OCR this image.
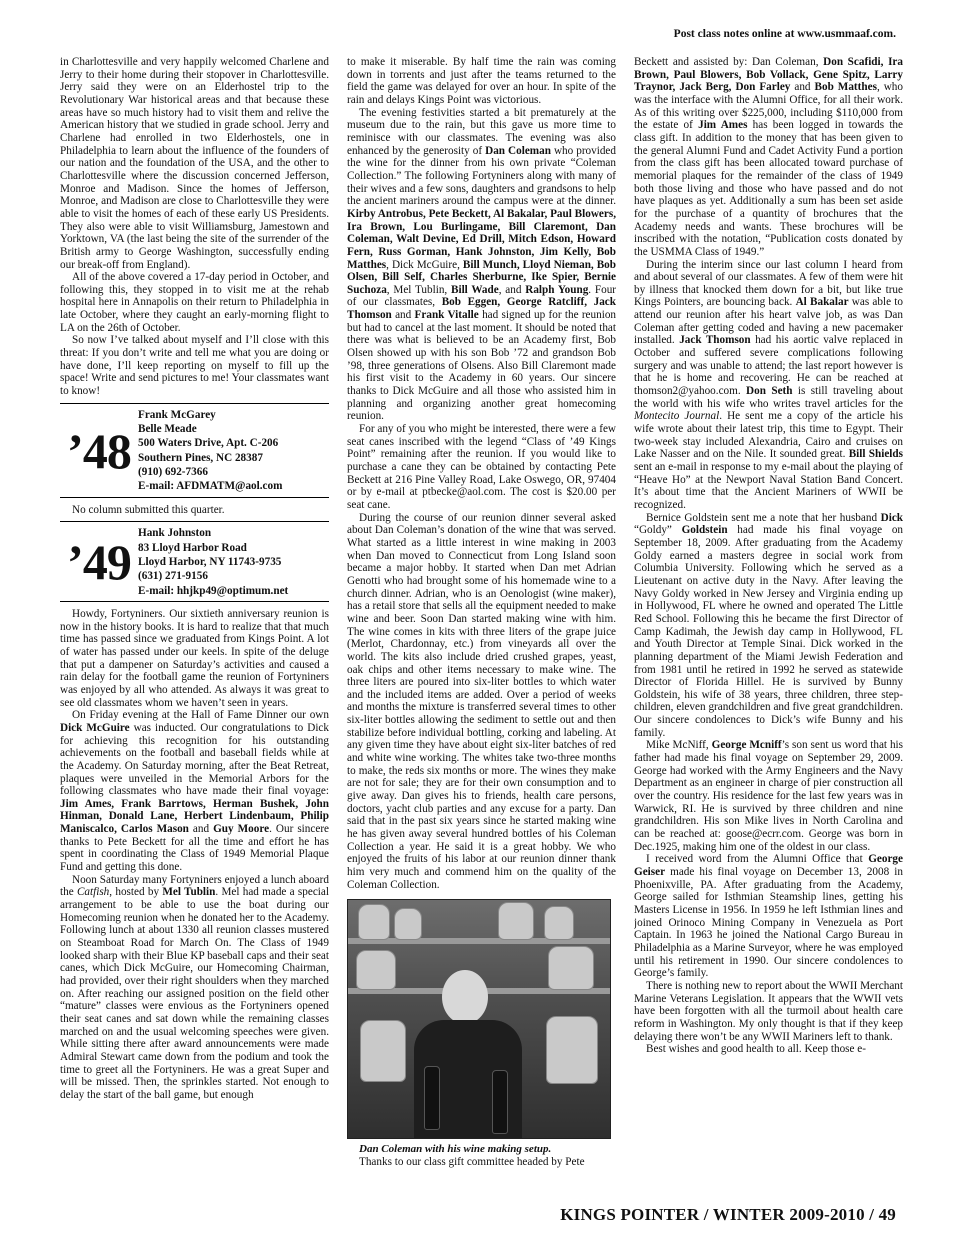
Post class notes online at www.usmmaaf.com.

in Charlottesville and very happily welcomed Charlene and Jerry to their home during their stopover in Charlottesville. Jerry said they were on an Elderhostel trip to the Revolutionary War historical areas and that because these areas have so much history had to visit them and relive the American history that we studied in grade school. Jerry and Charlene had enrolled in two Elderhostels, one in Philadelphia to learn about the influence of the founders of our nation and the foundation of the USA, and the other to Charlottesville where the discussion concerned Jefferson, Monroe and Madison. Since the homes of Jefferson, Monroe, and Madison are close to Charlottesville they were able to visit the homes of each of these early US Presidents. They also were able to visit Williamsburg, Jamestown and Yorktown, VA (the last being the site of the surrender of the British army to George Washington, successfully ending our break-off from England).

All of the above covered a 17-day period in October, and following this, they stopped in to visit me at the rehab hospital here in Annapolis on their return to Philadelphia in late October, where they caught an early-morning flight to LA on the 26th of October.

So now I’ve talked about myself and I’ll close with this threat: If you don’t write and tell me what you are doing or have done, I’ll keep reporting on myself to fill up the space! Write and send pictures to me! Your classmates want to know!

’48
Frank McGarey
Belle Meade
500 Waters Drive, Apt. C-206
Southern Pines, NC 28387
(910) 692-7366
E-mail: AFDMATM@aol.com

No column submitted this quarter.

’49
Hank Johnston
83 Lloyd Harbor Road
Lloyd Harbor, NY 11743-9735
(631) 271-9156
E-mail: hhjkp49@optimum.net

Howdy, Fortyniners. Our sixtieth anniversary reunion is now in the history books. It is hard to realize that that much time has passed since we graduated from Kings Point. A lot of water has passed under our keels. In spite of the deluge that put a dampener on Saturday’s activities and caused a rain delay for the football game the reunion of Fortyniners was enjoyed by all who attended. As always it was great to see old classmates whom we haven’t seen in years.

On Friday evening at the Hall of Fame Dinner our own Dick McGuire was inducted. Our congratulations to Dick for achieving this recognition for his outstanding achievements on the football and baseball fields while at the Academy. On Saturday morning, after the Beat Retreat, plaques were unveiled in the Memorial Arbors for the following classmates who have made their final voyage: Jim Ames, Frank Barrtows, Herman Bushek, John Hinman, Donald Lane, Herbert Lindenbaum, Philip Maniscalco, Carlos Mason and Guy Moore. Our sincere thanks to Pete Beckett for all the time and effort he has spent in coordinating the Class of 1949 Memorial Plaque Fund and getting this done.

Noon Saturday many Fortyniners enjoyed a lunch aboard the Catfish, hosted by Mel Tublin. Mel had made a special arrangement to be able to use the boat during our Homecoming reunion when he donated her to the Academy. Following lunch at about 1330 all reunion classes mustered on Steamboat Road for March On. The Class of 1949 looked sharp with their Blue KP baseball caps and their seat canes, which Dick McGuire, our Homecoming Chairman, had provided, over their right shoulders when they marched on. After reaching our assigned position on the field other “mature” classes were envious as the Fortyniners opened their seat canes and sat down while the remaining classes marched on and the usual welcoming speeches were given. While sitting there after award announcements were made Admiral Stewart came down from the podium and took the time to greet all the Fortyniners. He was a great Super and will be missed. Then, the sprinkles started. Not enough to delay the start of the ball game, but enough

to make it miserable. By half time the rain was coming down in torrents and just after the teams returned to the field the game was delayed for over an hour. In spite of the rain and delays Kings Point was victorious.

The evening festivities started a bit prematurely at the museum due to the rain, but this gave us more time to reminisce with our classmates. The evening was also enhanced by the generosity of Dan Coleman who provided the wine for the dinner from his own private “Coleman Collection.” The following Fortyniners along with many of their wives and a few sons, daughters and grandsons to help the ancient mariners around the campus were at the dinner. Kirby Antrobus, Pete Beckett, Al Bakalar, Paul Blowers, Ira Brown, Lou Burlingame, Bill Claremont, Dan Coleman, Walt Devine, Ed Drill, Mitch Edson, Howard Fern, Russ Gorman, Hank Johnston, Jim Kelly, Bob Matthes, Dick McGuire, Bill Munch, Lloyd Nieman, Bob Olsen, Bill Self, Charles Sherburne, Ike Spier, Bernie Suchoza, Mel Tublin, Bill Wade, and Ralph Young. Four of our classmates, Bob Eggen, George Ratcliff, Jack Thomson and Frank Vitalle had signed up for the reunion but had to cancel at the last moment. It should be noted that there was what is believed to be an Academy first, Bob Olsen showed up with his son Bob ’72 and grandson Bob ’98, three generations of Olsens. Also Bill Claremont made his first visit to the Academy in 60 years. Our sincere thanks to Dick McGuire and all those who assisted him in planning and organizing another great homecoming reunion.

For any of you who might be interested, there were a few seat canes inscribed with the legend “Class of ’49 Kings Point” remaining after the reunion. If you would like to purchase a cane they can be obtained by contacting Pete Beckett at 216 Pine Valley Road, Lake Oswego, OR, 97404 or by e-mail at ptbecke@aol.com. The cost is $20.00 per seat cane.

During the course of our reunion dinner several asked about Dan Coleman’s donation of the wine that was served. What started as a little interest in wine making in 2003 when Dan moved to Connecticut from Long Island soon became a major hobby. It started when Dan met Adrian Genotti who had brought some of his homemade wine to a church dinner. Adrian, who is an Oenologist (wine maker), has a retail store that sells all the equipment needed to make wine and beer. Soon Dan started making wine with him. The wine comes in kits with three liters of the grape juice (Merlot, Chardonnay, etc.) from vineyards all over the world. The kits also include dried crushed grapes, yeast, oak chips and other items necessary to make wine. The three liters are poured into six-liter bottles to which water and the included items are added. Over a period of weeks and months the mixture is transferred several times to other six-liter bottles allowing the sediment to settle out and then stabilize before individual bottling, corking and labeling. At any given time they have about eight six-liter batches of red and white wine working. The whites take two-three months to make, the reds six months or more. The wines they make are not for sale; they are for their own consumption and to give away. Dan gives his to friends, health care persons, doctors, yacht club parties and any excuse for a party. Dan said that in the past six years since he started making wine he has given away several hundred bottles of his Coleman Collection a year. He said it is a great hobby. We who enjoyed the fruits of his labor at our reunion dinner thank him very much and commend him on the quality of the Coleman Collection.

Dan Coleman with his wine making setup.

Thanks to our class gift committee headed by Pete

Beckett and assisted by: Dan Coleman, Don Scafidi, Ira Brown, Paul Blowers, Bob Vollack, Gene Spitz, Larry Traynor, Jack Berg, Don Farley and Bob Matthes, who was the interface with the Alumni Office, for all their work. As of this writing over $225,000, including $110,000 from the estate of Jim Ames has been logged in towards the class gift. In addition to the money that has been given to the general Alumni Fund and Cadet Activity Fund a portion from the class gift has been allocated toward purchase of memorial plaques for the remainder of the class of 1949 both those living and those who have passed and do not have plaques as yet. Additionally a sum has been set aside for the purchase of a quantity of brochures that the Academy needs and wants. These brochures will be inscribed with the notation, “Publication costs donated by the USMMA Class of 1949.”

During the interim since our last column I heard from and about several of our classmates. A few of them were hit by illness that knocked them down for a bit, but like true Kings Pointers, are bouncing back. Al Bakalar was able to attend our reunion after his heart valve job, as was Dan Coleman after getting coded and having a new pacemaker installed. Jack Thomson had his aortic valve replaced in October and suffered severe complications following surgery and was unable to attend; the last report however is that he is home and recovering. He can be reached at thomson2@yahoo.com. Don Seth is still traveling about the world with his wife who writes travel articles for the Montecito Journal. He sent me a copy of the article his wife wrote about their latest trip, this time to Egypt. Their two-week stay included Alexandria, Cairo and cruises on Lake Nasser and on the Nile. It sounded great. Bill Shields sent an e-mail in response to my e-mail about the playing of “Heave Ho” at the Newport Naval Station Band Concert. It’s about time that the Ancient Mariners of WWII be recognized.

Bernice Goldstein sent me a note that her husband Dick “Goldy” Goldstein had made his final voyage on September 18, 2009. After graduating from the Academy Goldy earned a masters degree in social work from Columbia University. Following which he served as a Lieutenant on active duty in the Navy. After leaving the Navy Goldy worked in New Jersey and Virginia ending up in Hollywood, FL where he owned and operated The Little Red School. Following this he became the first Director of Camp Kadimah, the Jewish day camp in Hollywood, FL and Youth Director at Temple Sinai. Dick worked in the planning department of the Miami Jewish Federation and from 1981 until he retired in 1992 he served as statewide Director of Florida Hillel. He is survived by Bunny Goldstein, his wife of 38 years, three children, three step-children, eleven grandchildren and five great grandchildren. Our sincere condolences to Dick’s wife Bunny and his family.

Mike McNiff, George Mcniff’s son sent us word that his father had made his final voyage on September 29, 2009. George had worked with the Army Engineers and the Navy Department as an engineer in charge of pier construction all over the country. His residence for the last few years was in Warwick, RI. He is survived by three children and nine grandchildren. His son Mike lives in North Carolina and can be reached at: goose@ecrr.com. George was born in Dec.1925, making him one of the oldest in our class.

I received word from the Alumni Office that George Geiser made his final voyage on December 13, 2008 in Phoenixville, PA. After graduating from the Academy, George sailed for Isthmian Steamship lines, getting his Masters License in 1956. In 1959 he left Isthmian lines and joined Orinoco Mining Company in Venezuela as Port Captain. In 1963 he joined the National Cargo Bureau in Philadelphia as a Marine Surveyor, where he was employed until his retirement in 1990. Our sincere condolences to George’s family.

There is nothing new to report about the WWII Merchant Marine Veterans Legislation. It appears that the WWII vets have been forgotten with all the turmoil about health care reform in Washington. My only thought is that if they keep delaying there won’t be any WWII Mariners left to thank.

Best wishes and good health to all. Keep those e-

KINGS POINTER / WINTER 2009-2010 / 49
